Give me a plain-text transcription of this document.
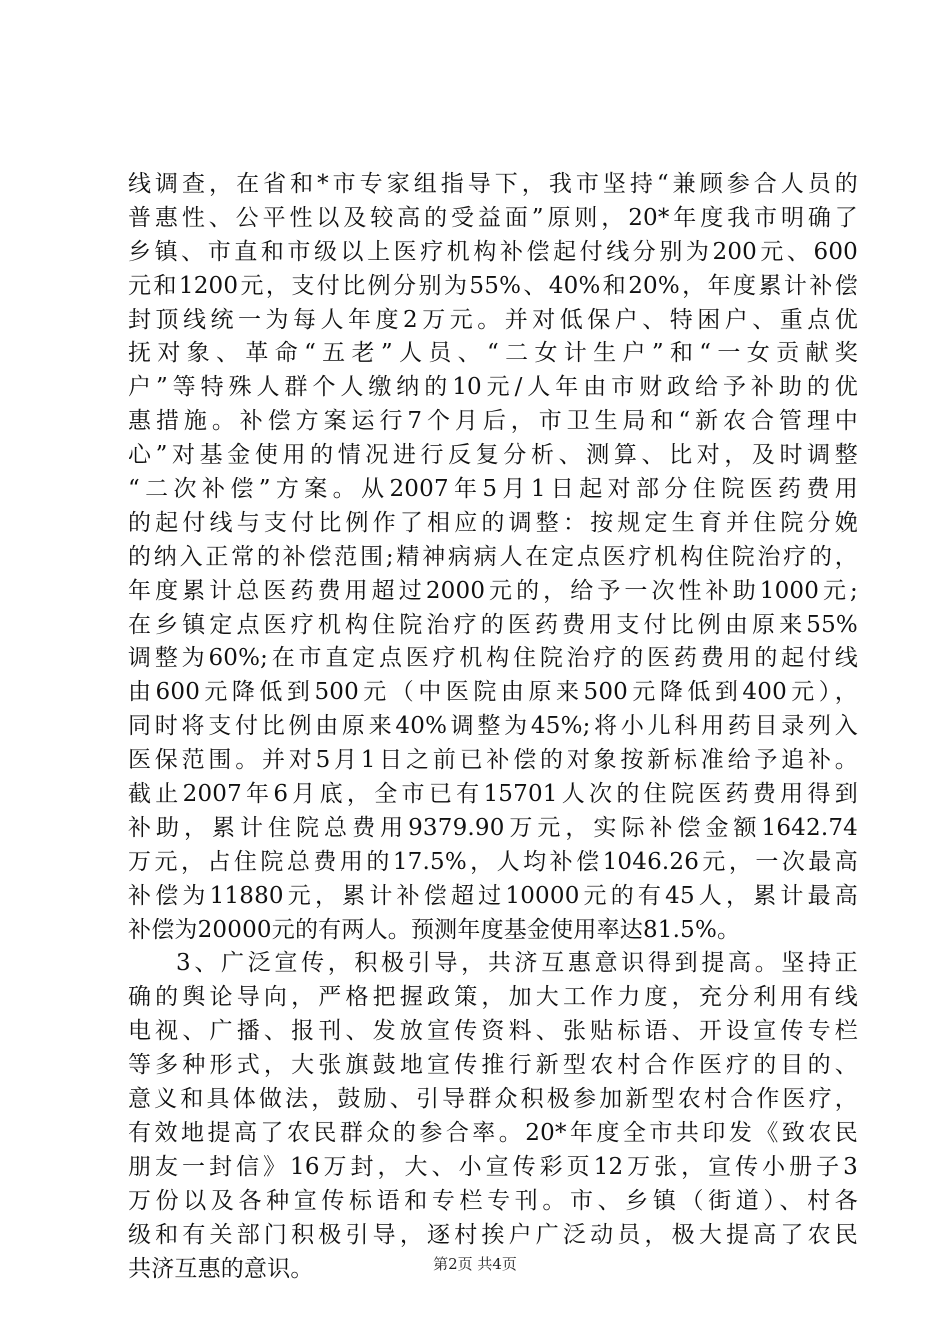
线调查，在省和*市专家组指导下，我市坚持“兼顾参合人员的
普惠性、公平性以及较高的受益面”原则，20*年度我市明确了
乡镇、市直和市级以上医疗机构补偿起付线分别为200元、600
元和1200元，支付比例分别为55%、40%和20%，年度累计补偿
封顶线统一为每人年度2万元。并对低保户、特困户、重点优
抚对象、革命“五老”人员、“二女计生户”和“一女贡献奖
户”等特殊人群个人缴纳的10元/人年由市财政给予补助的优
惠措施。补偿方案运行7个月后，市卫生局和“新农合管理中
心”对基金使用的情况进行反复分析、测算、比对，及时调整
“二次补偿”方案。从2007年5月1日起对部分住院医药费用
的起付线与支付比例作了相应的调整：按规定生育并住院分娩
的纳入正常的补偿范围;精神病病人在定点医疗机构住院治疗的，
年度累计总医药费用超过2000元的，给予一次性补助1000元;
在乡镇定点医疗机构住院治疗的医药费用支付比例由原来55%
调整为60%;在市直定点医疗机构住院治疗的医药费用的起付线
由600元降低到500元（中医院由原来500元降低到400元），
同时将支付比例由原来40%调整为45%;将小儿科用药目录列入
医保范围。并对5月1日之前已补偿的对象按新标准给予追补。
截止2007年6月底，全市已有15701人次的住院医药费用得到
补助，累计住院总费用9379.90万元，实际补偿金额1642.74
万元，占住院总费用的17.5%，人均补偿1046.26元，一次最高
补偿为11880元，累计补偿超过10000元的有45人，累计最高
补偿为20000元的有两人。预测年度基金使用率达81.5%。
3、广泛宣传，积极引导，共济互惠意识得到提高。坚持正
确的舆论导向，严格把握政策，加大工作力度，充分利用有线
电视、广播、报刊、发放宣传资料、张贴标语、开设宣传专栏
等多种形式，大张旗鼓地宣传推行新型农村合作医疗的目的、
意义和具体做法，鼓励、引导群众积极参加新型农村合作医疗，
有效地提高了农民群众的参合率。20*年度全市共印发《致农民
朋友一封信》16万封，大、小宣传彩页12万张，宣传小册子3
万份以及各种宣传标语和专栏专刊。市、乡镇（街道）、村各
级和有关部门积极引导，逐村挨户广泛动员，极大提高了农民
共济互惠的意识。	第2页 共4页
